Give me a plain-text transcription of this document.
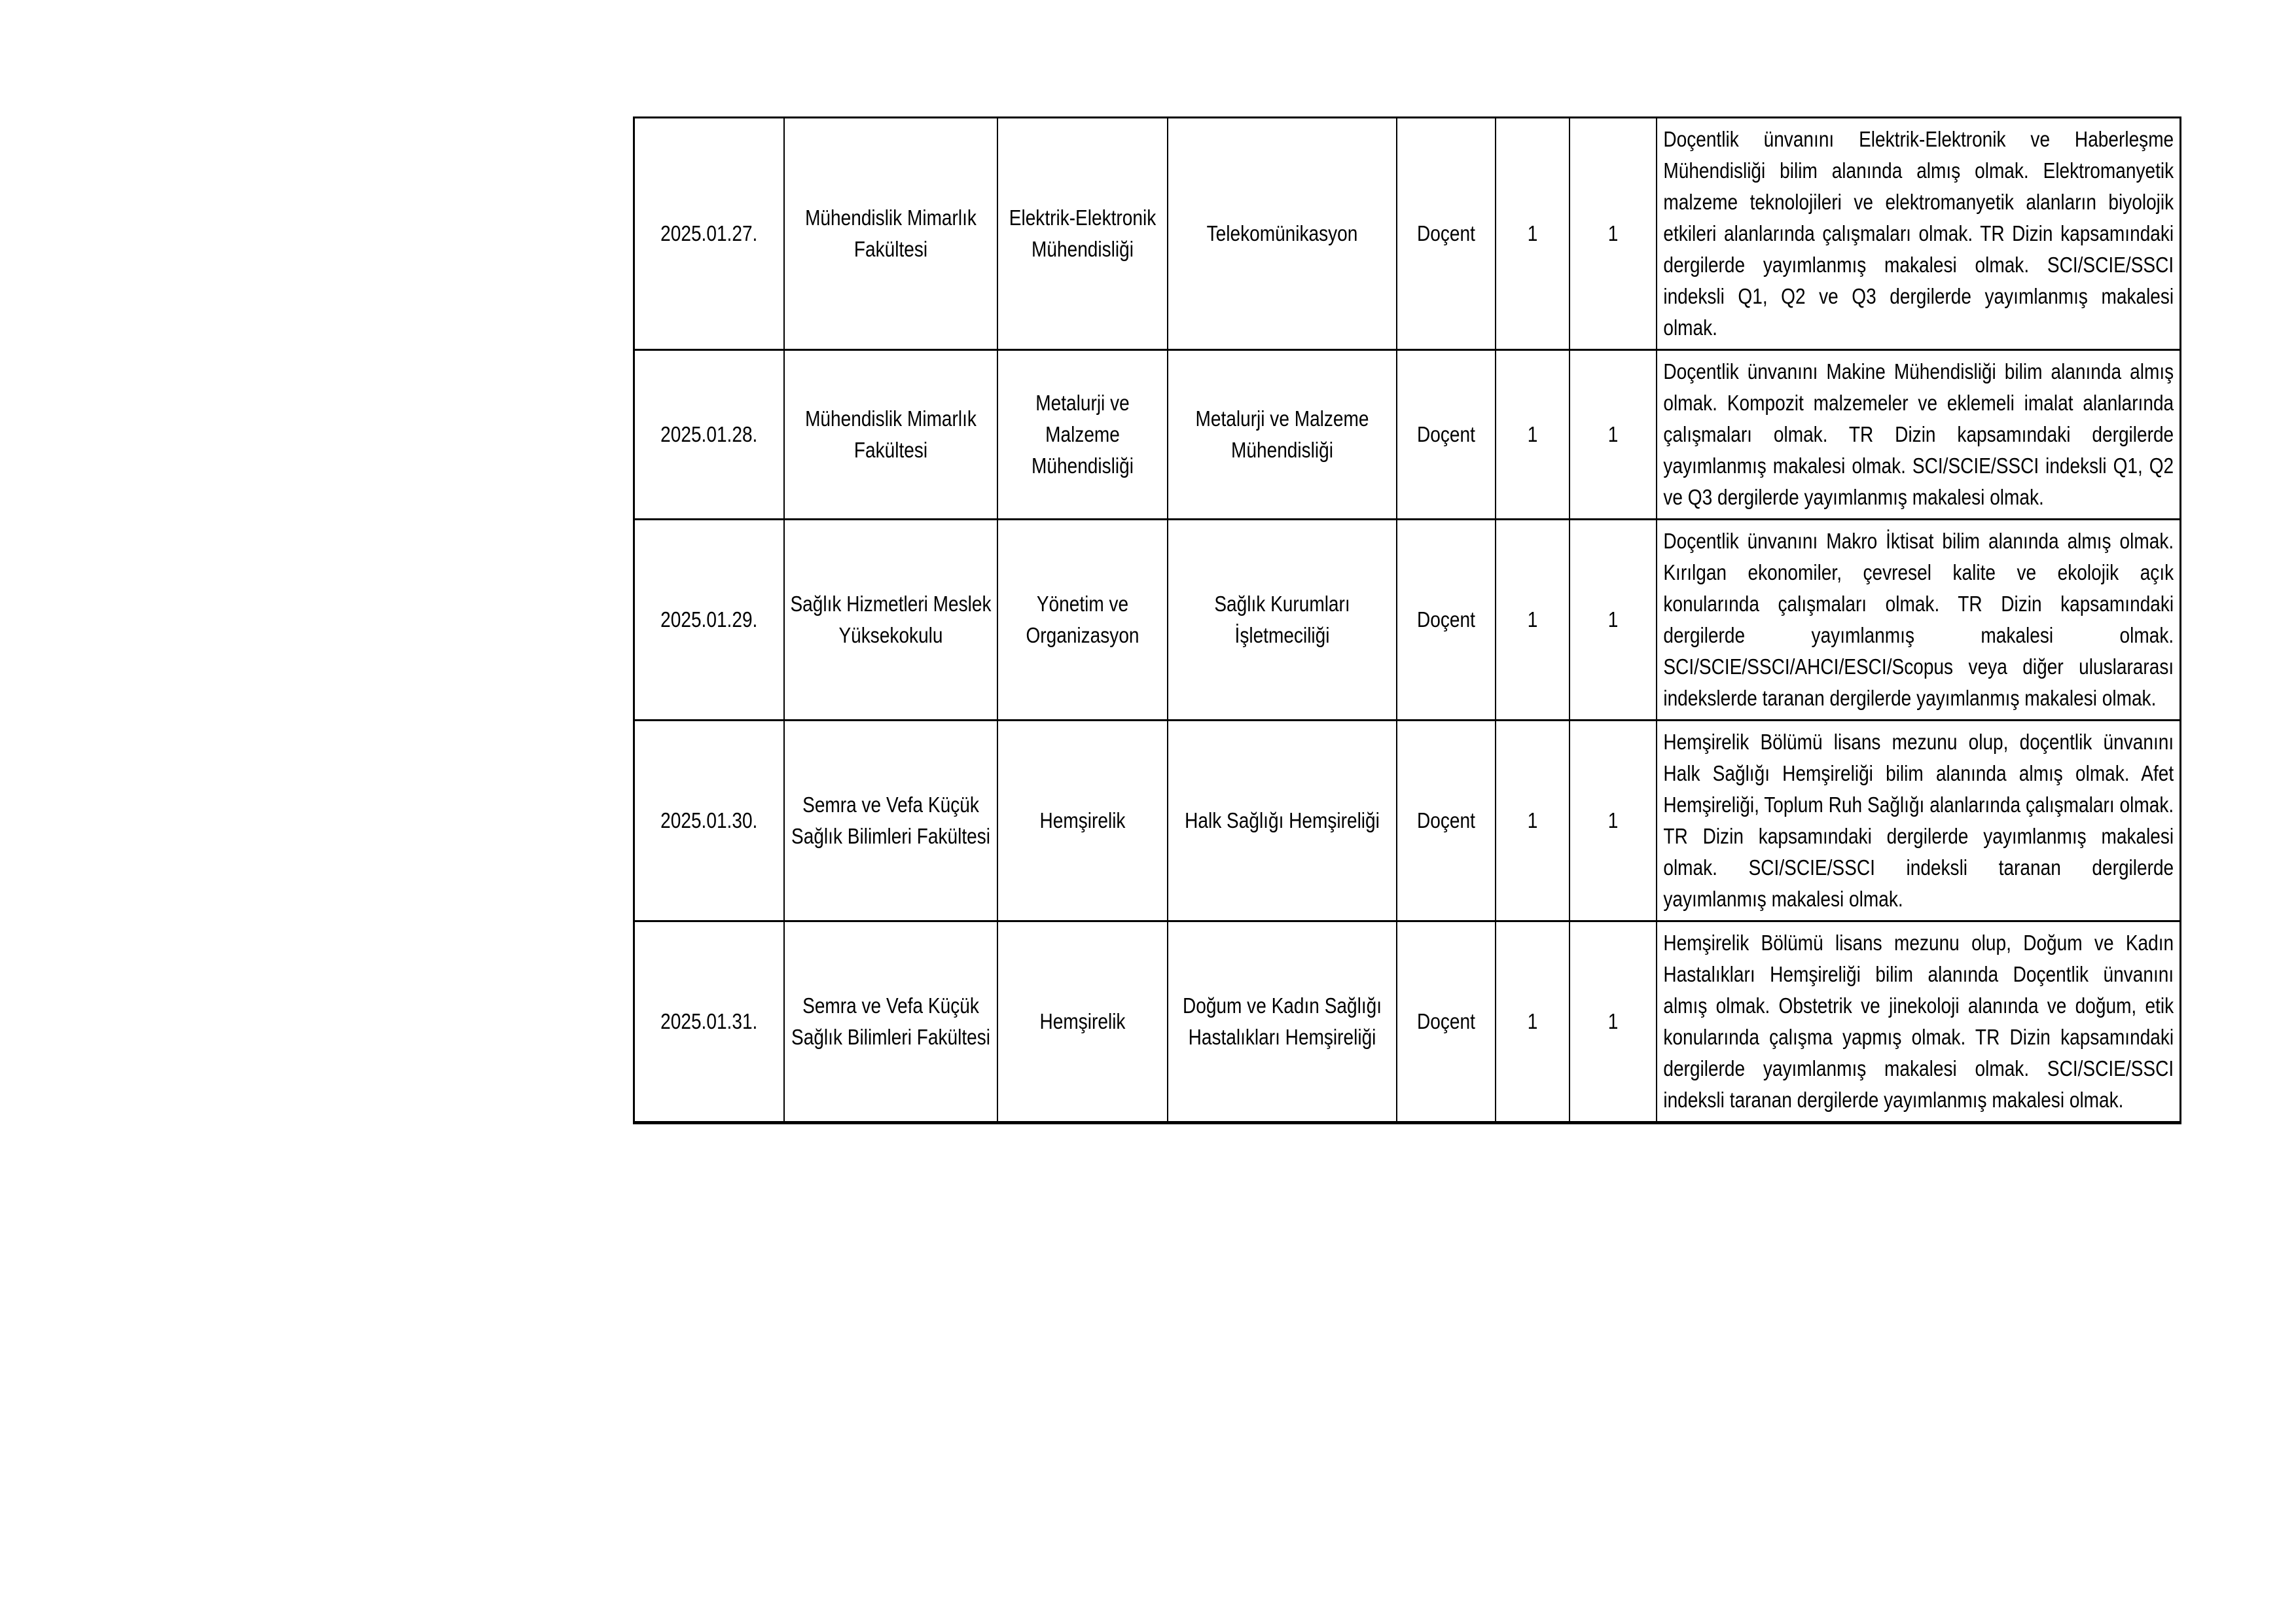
2025.01.27.	Mühendislik Mimarlık Fakültesi	Elektrik-Elektronik Mühendisliği	Telekomünikasyon	Doçent	1	1	Doçentlik ünvanını Elektrik-Elektronik ve Haberleşme Mühendisliği bilim alanında almış olmak. Elektromanyetik malzeme teknolojileri ve elektromanyetik alanların biyolojik etkileri alanlarında çalışmaları olmak. TR Dizin kapsamındaki dergilerde yayımlanmış makalesi olmak. SCI/SCIE/SSCI indeksli Q1, Q2 ve Q3 dergilerde yayımlanmış makalesi olmak.

2025.01.28.	Mühendislik Mimarlık Fakültesi	Metalurji ve Malzeme Mühendisliği	Metalurji ve Malzeme Mühendisliği	Doçent	1	1	Doçentlik ünvanını Makine Mühendisliği bilim alanında almış olmak. Kompozit malzemeler ve eklemeli imalat alanlarında çalışmaları olmak. TR Dizin kapsamındaki dergilerde yayımlanmış makalesi olmak. SCI/SCIE/SSCI indeksli Q1, Q2 ve Q3 dergilerde yayımlanmış makalesi olmak.

2025.01.29.	Sağlık Hizmetleri Meslek Yüksekokulu	Yönetim ve Organizasyon	Sağlık Kurumları İşletmeciliği	Doçent	1	1	Doçentlik ünvanını Makro İktisat bilim alanında almış olmak. Kırılgan ekonomiler, çevresel kalite ve ekolojik açık konularında çalışmaları olmak. TR Dizin kapsamındaki dergilerde yayımlanmış makalesi olmak. SCI/SCIE/SSCI/AHCI/ESCI/Scopus veya diğer uluslararası indekslerde taranan dergilerde yayımlanmış makalesi olmak.

2025.01.30.	Semra ve Vefa Küçük Sağlık Bilimleri Fakültesi	Hemşirelik	Halk Sağlığı Hemşireliği	Doçent	1	1	Hemşirelik Bölümü lisans mezunu olup, doçentlik ünvanını Halk Sağlığı Hemşireliği bilim alanında almış olmak. Afet Hemşireliği, Toplum Ruh Sağlığı alanlarında çalışmaları olmak. TR Dizin kapsamındaki dergilerde yayımlanmış makalesi olmak. SCI/SCIE/SSCI indeksli taranan dergilerde yayımlanmış makalesi olmak.

2025.01.31.	Semra ve Vefa Küçük Sağlık Bilimleri Fakültesi	Hemşirelik	Doğum ve Kadın Sağlığı Hastalıkları Hemşireliği	Doçent	1	1	Hemşirelik Bölümü lisans mezunu olup, Doğum ve Kadın Hastalıkları Hemşireliği bilim alanında Doçentlik ünvanını almış olmak. Obstetrik ve jinekoloji alanında ve doğum, etik konularında çalışma yapmış olmak. TR Dizin kapsamındaki dergilerde yayımlanmış makalesi olmak. SCI/SCIE/SSCI indeksli taranan dergilerde yayımlanmış makalesi olmak.
